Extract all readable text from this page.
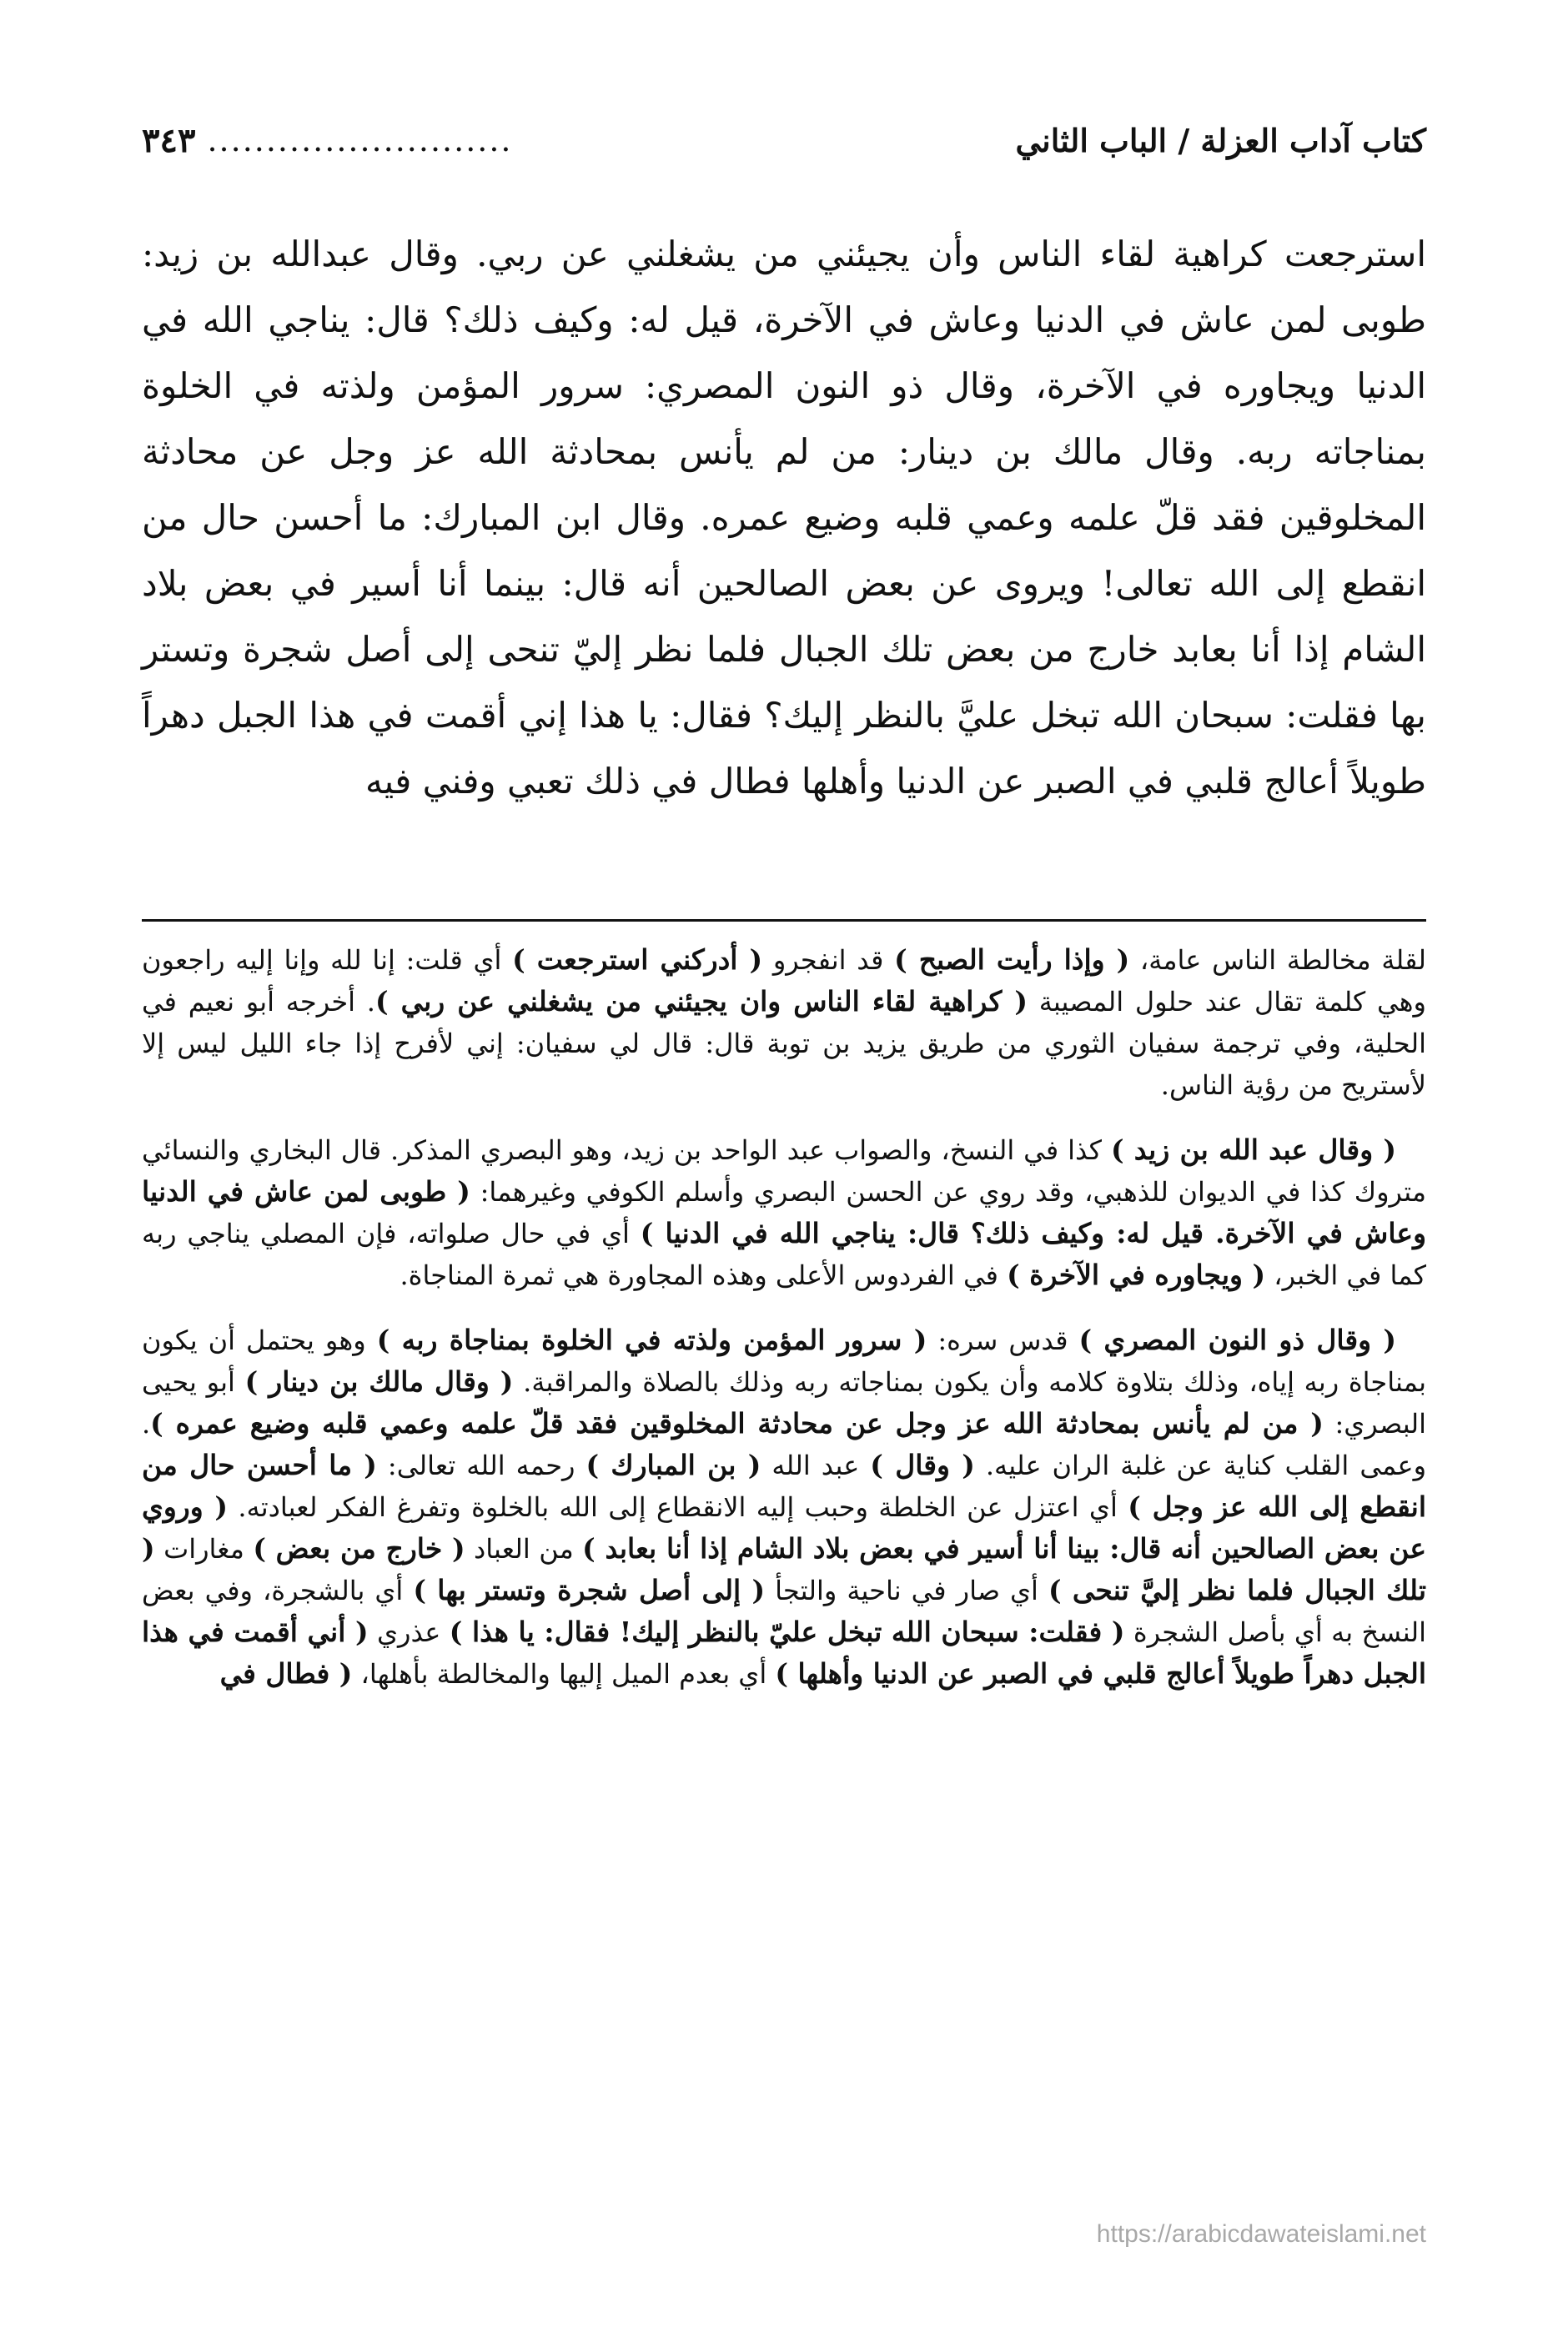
كتاب آداب العزلة / الباب الثاني
..........................
٣٤٣
استرجعت كراهية لقاء الناس وأن يجيئني من يشغلني عن ربي. وقال عبدالله بن زيد: طوبى لمن عاش في الدنيا وعاش في الآخرة، قيل له: وكيف ذلك؟ قال: يناجي الله في الدنيا ويجاوره في الآخرة، وقال ذو النون المصري: سرور المؤمن ولذته في الخلوة بمناجاته ربه. وقال مالك بن دينار: من لم يأنس بمحادثة الله عز وجل عن محادثة المخلوقين فقد قلّ علمه وعمي قلبه وضيع عمره. وقال ابن المبارك: ما أحسن حال من انقطع إلى الله تعالى! ويروى عن بعض الصالحين أنه قال: بينما أنا أسير في بعض بلاد الشام إذا أنا بعابد خارج من بعض تلك الجبال فلما نظر إليّ تنحى إلى أصل شجرة وتستر بها فقلت: سبحان الله تبخل عليَّ بالنظر إليك؟ فقال: يا هذا إني أقمت في هذا الجبل دهراً طويلاً أعالج قلبي في الصبر عن الدنيا وأهلها فطال في ذلك تعبي وفني فيه

لقلة مخالطة الناس عامة، ( وإذا رأيت الصبح ) قد انفجرو ( أدركني استرجعت ) أي قلت: إنا لله وإنا إليه راجعون وهي كلمة تقال عند حلول المصيبة ( كراهية لقاء الناس وان يجيئني من يشغلني عن ربي ). أخرجه أبو نعيم في الحلية، وفي ترجمة سفيان الثوري من طريق يزيد بن توبة قال: قال لي سفيان: إني لأفرح إذا جاء الليل ليس إلا لأستريح من رؤية الناس.

( وقال عبد الله بن زيد ) كذا في النسخ، والصواب عبد الواحد بن زيد، وهو البصري المذكر. قال البخاري والنسائي متروك كذا في الديوان للذهبي، وقد روي عن الحسن البصري وأسلم الكوفي وغيرهما: ( طوبى لمن عاش في الدنيا وعاش في الآخرة. قيل له: وكيف ذلك؟ قال: يناجي الله في الدنيا ) أي في حال صلواته، فإن المصلي يناجي ربه كما في الخبر، ( ويجاوره في الآخرة ) في الفردوس الأعلى وهذه المجاورة هي ثمرة المناجاة.

( وقال ذو النون المصري ) قدس سره: ( سرور المؤمن ولذته في الخلوة بمناجاة ربه ) وهو يحتمل أن يكون بمناجاة ربه إياه، وذلك بتلاوة كلامه وأن يكون بمناجاته ربه وذلك بالصلاة والمراقبة. ( وقال مالك بن دينار ) أبو يحيى البصري: ( من لم يأنس بمحادثة الله عز وجل عن محادثة المخلوقين فقد قلّ علمه وعمي قلبه وضيع عمره ). وعمى القلب كناية عن غلبة الران عليه. ( وقال ) عبد الله ( بن المبارك ) رحمه الله تعالى: ( ما أحسن حال من انقطع إلى الله عز وجل ) أي اعتزل عن الخلطة وحبب إليه الانقطاع إلى الله بالخلوة وتفرغ الفكر لعبادته. ( وروي عن بعض الصالحين أنه قال: بينا أنا أسير في بعض بلاد الشام إذا أنا بعابد ) من العباد ( خارج من بعض ) مغارات ( تلك الجبال فلما نظر إليَّ تنحى ) أي صار في ناحية والتجأ ( إلى أصل شجرة وتستر بها ) أي بالشجرة، وفي بعض النسخ به أي بأصل الشجرة ( فقلت: سبحان الله تبخل عليّ بالنظر إليك! فقال: يا هذا ) عذري ( أني أقمت في هذا الجبل دهراً طويلاً أعالج قلبي في الصبر عن الدنيا وأهلها ) أي بعدم الميل إليها والمخالطة بأهلها، ( فطال في

https://arabicdawateislami.net
